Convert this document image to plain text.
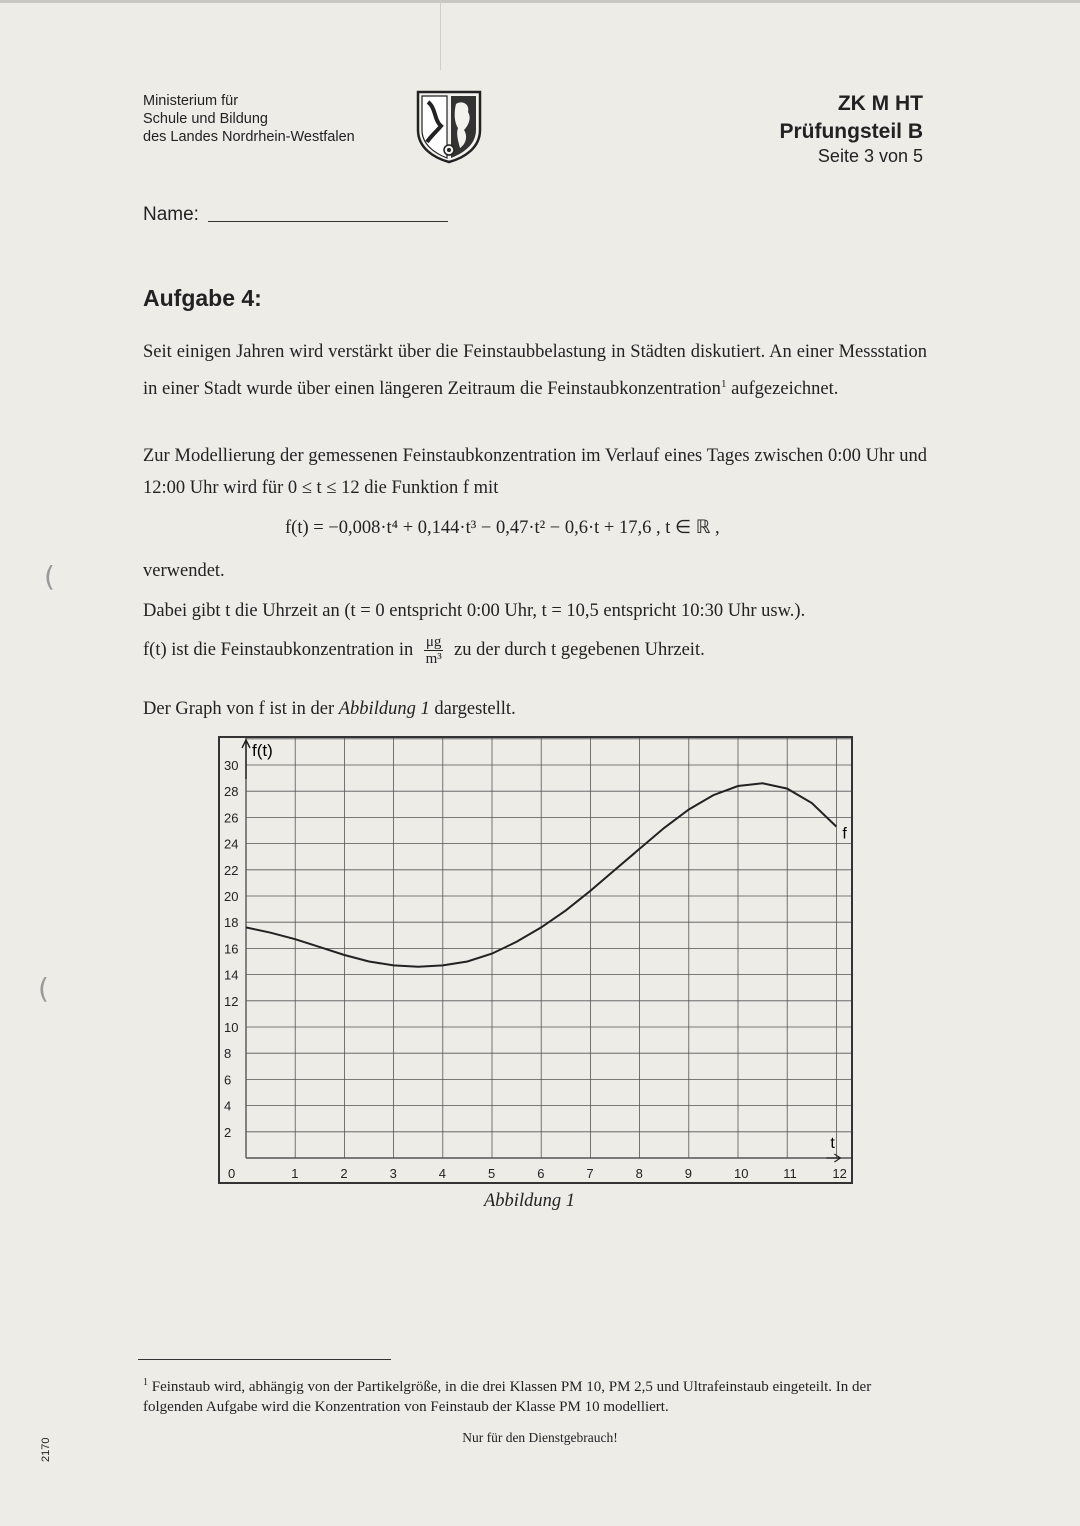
Ministerium für
Schule und Bildung
des Landes Nordrhein-Westfalen
ZK M HT
Prüfungsteil B
Seite 3 von 5
Name:
Aufgabe 4:
Seit einigen Jahren wird verstärkt über die Feinstaubbelastung in Städten diskutiert. An einer Messstation in einer Stadt wurde über einen längeren Zeitraum die Feinstaubkonzentration$^1$ aufgezeichnet.
Zur Modellierung der gemessenen Feinstaubkonzentration im Verlauf eines Tages zwischen 0:00 Uhr und 12:00 Uhr wird für 0 ≤ t ≤ 12 die Funktion f mit
f(t) = −0,008·t⁴ + 0,144·t³ − 0,47·t² − 0,6·t + 17,6 , t ∈ ℝ ,
verwendet.
Dabei gibt t die Uhrzeit an (t = 0 entspricht 0:00 Uhr, t = 10,5 entspricht 10:30 Uhr usw.).
f(t) ist die Feinstaubkonzentration in $\frac{\mu g}{\text{m³}}$ zu der durch t gegebenen Uhrzeit.
Der Graph von f ist in der Abbildung 1 dargestellt.
2
4
6
8
10
12
14
16
18
20
22
24
26
28
30
0	1	2	3	4	5	6	7	8	9	10	11	12
f(t)
t
f
Abbildung 1
$^1$ Feinstaub wird, abhängig von der Partikelgröße, in die drei Klassen PM 10, PM 2,5 und Ultrafeinstaub eingeteilt. In der folgenden Aufgabe wird die Konzentration von Feinstaub der Klasse PM 10 modelliert.
Nur für den Dienstgebrauch!
2170
(
(
